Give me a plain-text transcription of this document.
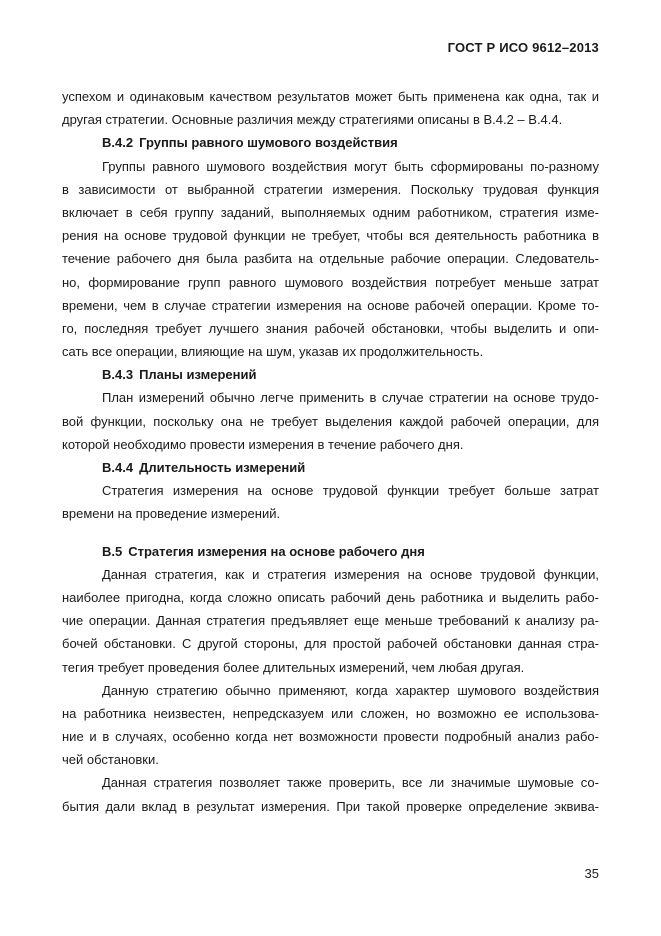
ГОСТ Р ИСО 9612–2013
успехом и одинаковым качеством результатов может быть применена как одна, так и
другая стратегии. Основные различия между стратегиями описаны в В.4.2 – В.4.4.
В.4.2 Группы равного шумового воздействия
Группы равного шумового воздействия могут быть сформированы по-разному
в зависимости от выбранной стратегии измерения. Поскольку трудовая функция
включает в себя группу заданий, выполняемых одним работником, стратегия изме-
рения на основе трудовой функции не требует, чтобы вся деятельность работника в
течение рабочего дня была разбита на отдельные рабочие операции. Следователь-
но, формирование групп равного шумового воздействия потребует меньше затрат
времени, чем в случае стратегии измерения на основе рабочей операции. Кроме то-
го, последняя требует лучшего знания рабочей обстановки, чтобы выделить и опи-
сать все операции, влияющие на шум, указав их продолжительность.
В.4.3 Планы измерений
План измерений обычно легче применить в случае стратегии на основе трудо-
вой функции, поскольку она не требует выделения каждой рабочей операции, для
которой необходимо провести измерения в течение рабочего дня.
В.4.4 Длительность измерений
Стратегия измерения на основе трудовой функции требует больше затрат
времени на проведение измерений.
В.5 Стратегия измерения на основе рабочего дня
Данная стратегия, как и стратегия измерения на основе трудовой функции,
наиболее пригодна, когда сложно описать рабочий день работника и выделить рабо-
чие операции. Данная стратегия предъявляет еще меньше требований к анализу ра-
бочей обстановки. С другой стороны, для простой рабочей обстановки данная стра-
тегия требует проведения более длительных измерений, чем любая другая.
Данную стратегию обычно применяют, когда характер шумового воздействия
на работника неизвестен, непредсказуем или сложен, но возможно ее использова-
ние и в случаях, особенно когда нет возможности провести подробный анализ рабо-
чей обстановки.
Данная стратегия позволяет также проверить, все ли значимые шумовые со-
бытия дали вклад в результат измерения. При такой проверке определение эквива-
35
